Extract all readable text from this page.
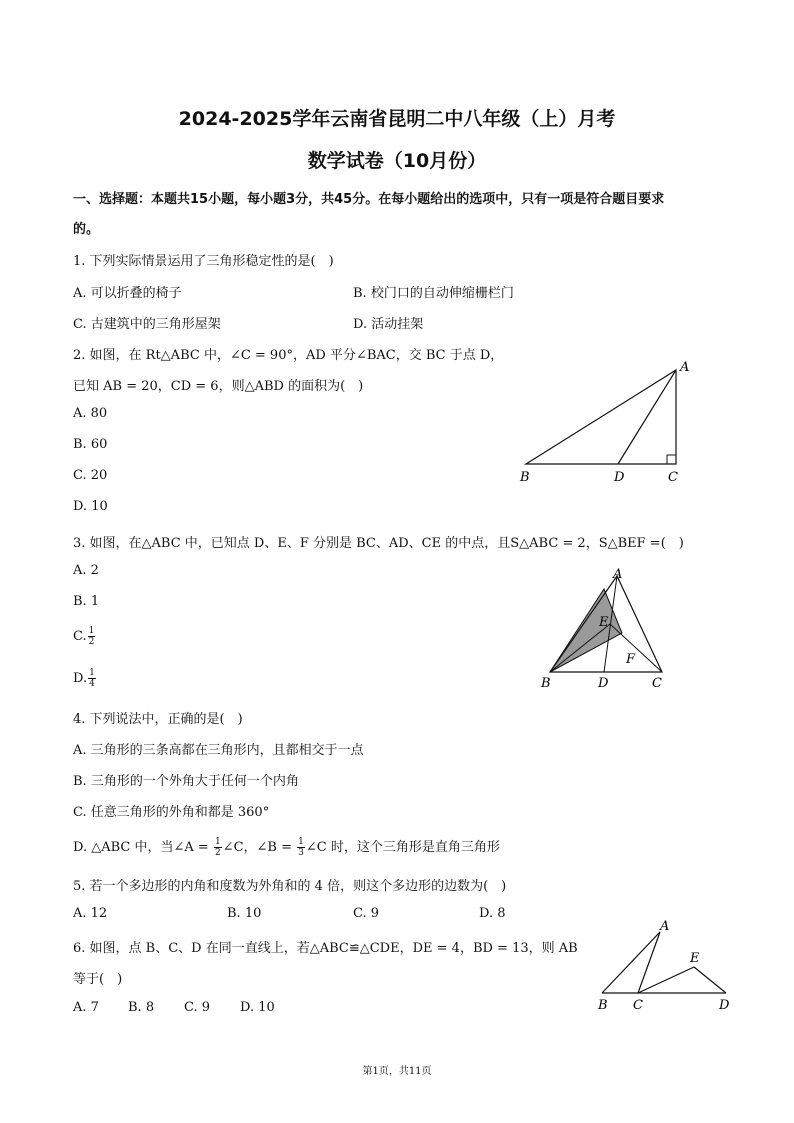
2024-2025学年云南省昆明二中八年级（上）月考
数学试卷（10月份）
一、选择题：本题共15小题，每小题3分，共45分。在每小题给出的选项中，只有一项是符合题目要求
的。
1. 下列实际情景运用了三角形稳定性的是(　)
A. 可以折叠的椅子	B. 校门口的自动伸缩栅栏门
C. 古建筑中的三角形屋架	D. 活动挂架
2. 如图，在 Rt△ABC 中，∠C = 90°，AD 平分∠BAC，交 BC 于点 D，
已知 AB = 20，CD = 6，则△ABD 的面积为(　)
A. 80
B. 60
C. 20
D. 10
A
B	D	C
3. 如图，在△ABC 中，已知点 D、E、F 分别是 BC、AD、CE 的中点，且S△ABC = 2，S△BEF =(　)
A. 2
B. 1
C. $\frac{1}{2}$
D. $\frac{1}{4}$
A
B	D	C
E
F
4. 下列说法中，正确的是(　)
A. 三角形的三条高都在三角形内，且都相交于一点
B. 三角形的一个外角大于任何一个内角
C. 任意三角形的外角和都是 360°
D. △ABC 中，当∠A = $\frac{1}{2}$ ∠C，∠B = $\frac{1}{3}$ ∠C 时，这个三角形是直角三角形
5. 若一个多边形的内角和度数为外角和的 4 倍，则这个多边形的边数为(　)
A. 12	B. 10	C. 9	D. 8
6. 如图，点 B、C、D 在同一直线上，若△ABC≌△CDE，DE = 4，BD = 13，则 AB
等于(　)
A. 7 B. 8 C. 9 D. 10
A
B C	D
E
第1页，共11页
